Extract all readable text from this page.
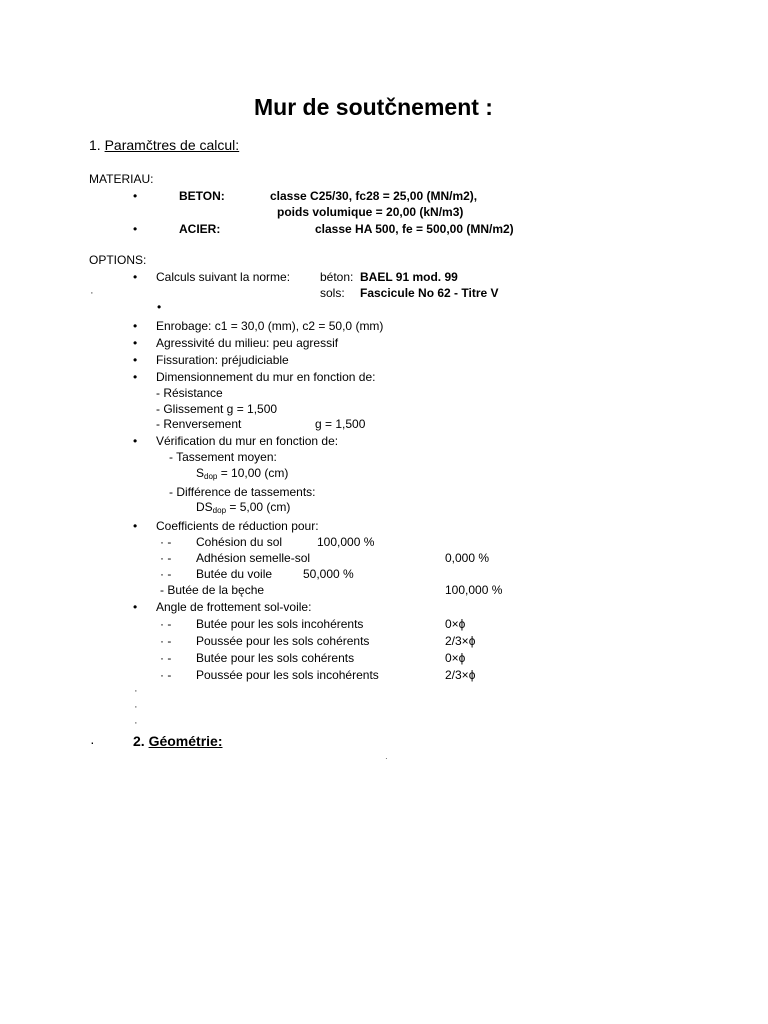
Mur de soutčnement :
1. Paramčtres de calcul:
MATERIAU:
•	BETON:	classe C25/30, fc28 = 25,00 (MN/m2),
poids volumique = 20,00 (kN/m3)
•	ACIER:	classe HA 500, fe = 500,00 (MN/m2)
OPTIONS:
• Calculs suivant la norme: béton: BAEL 91 mod. 99
·	sols: Fascicule No 62 - Titre V
•
• Enrobage: c1 = 30,0 (mm), c2 = 50,0 (mm)
• Agressivité du milieu: peu agressif
• Fissuration: préjudiciable
• Dimensionnement du mur en fonction de:
- Résistance
- Glissement g = 1,500
- Renversement	g = 1,500
• Vérification du mur en fonction de:
- Tassement moyen:
$S_{dop} = 10,00$ (cm)
- Différence de tassements:
$DS_{dop} = 5,00$ (cm)
• Coefficients de réduction pour:
· - Cohésion du sol	100,000 %
· - Adhésion semelle-sol	0,000 %
· - Butée du voile	50,000 %
- Butée de la bęche	100,000 %
• Angle de frottement sol-voile:
· - Butée pour les sols incohérents	0×ϕ
· - Poussée pour les sols cohérents	2/3×ϕ
· - Butée pour les sols cohérents	0×ϕ
· - Poussée pour les sols incohérents	2/3×ϕ
·
·
·
·	2. Géométrie:
·
